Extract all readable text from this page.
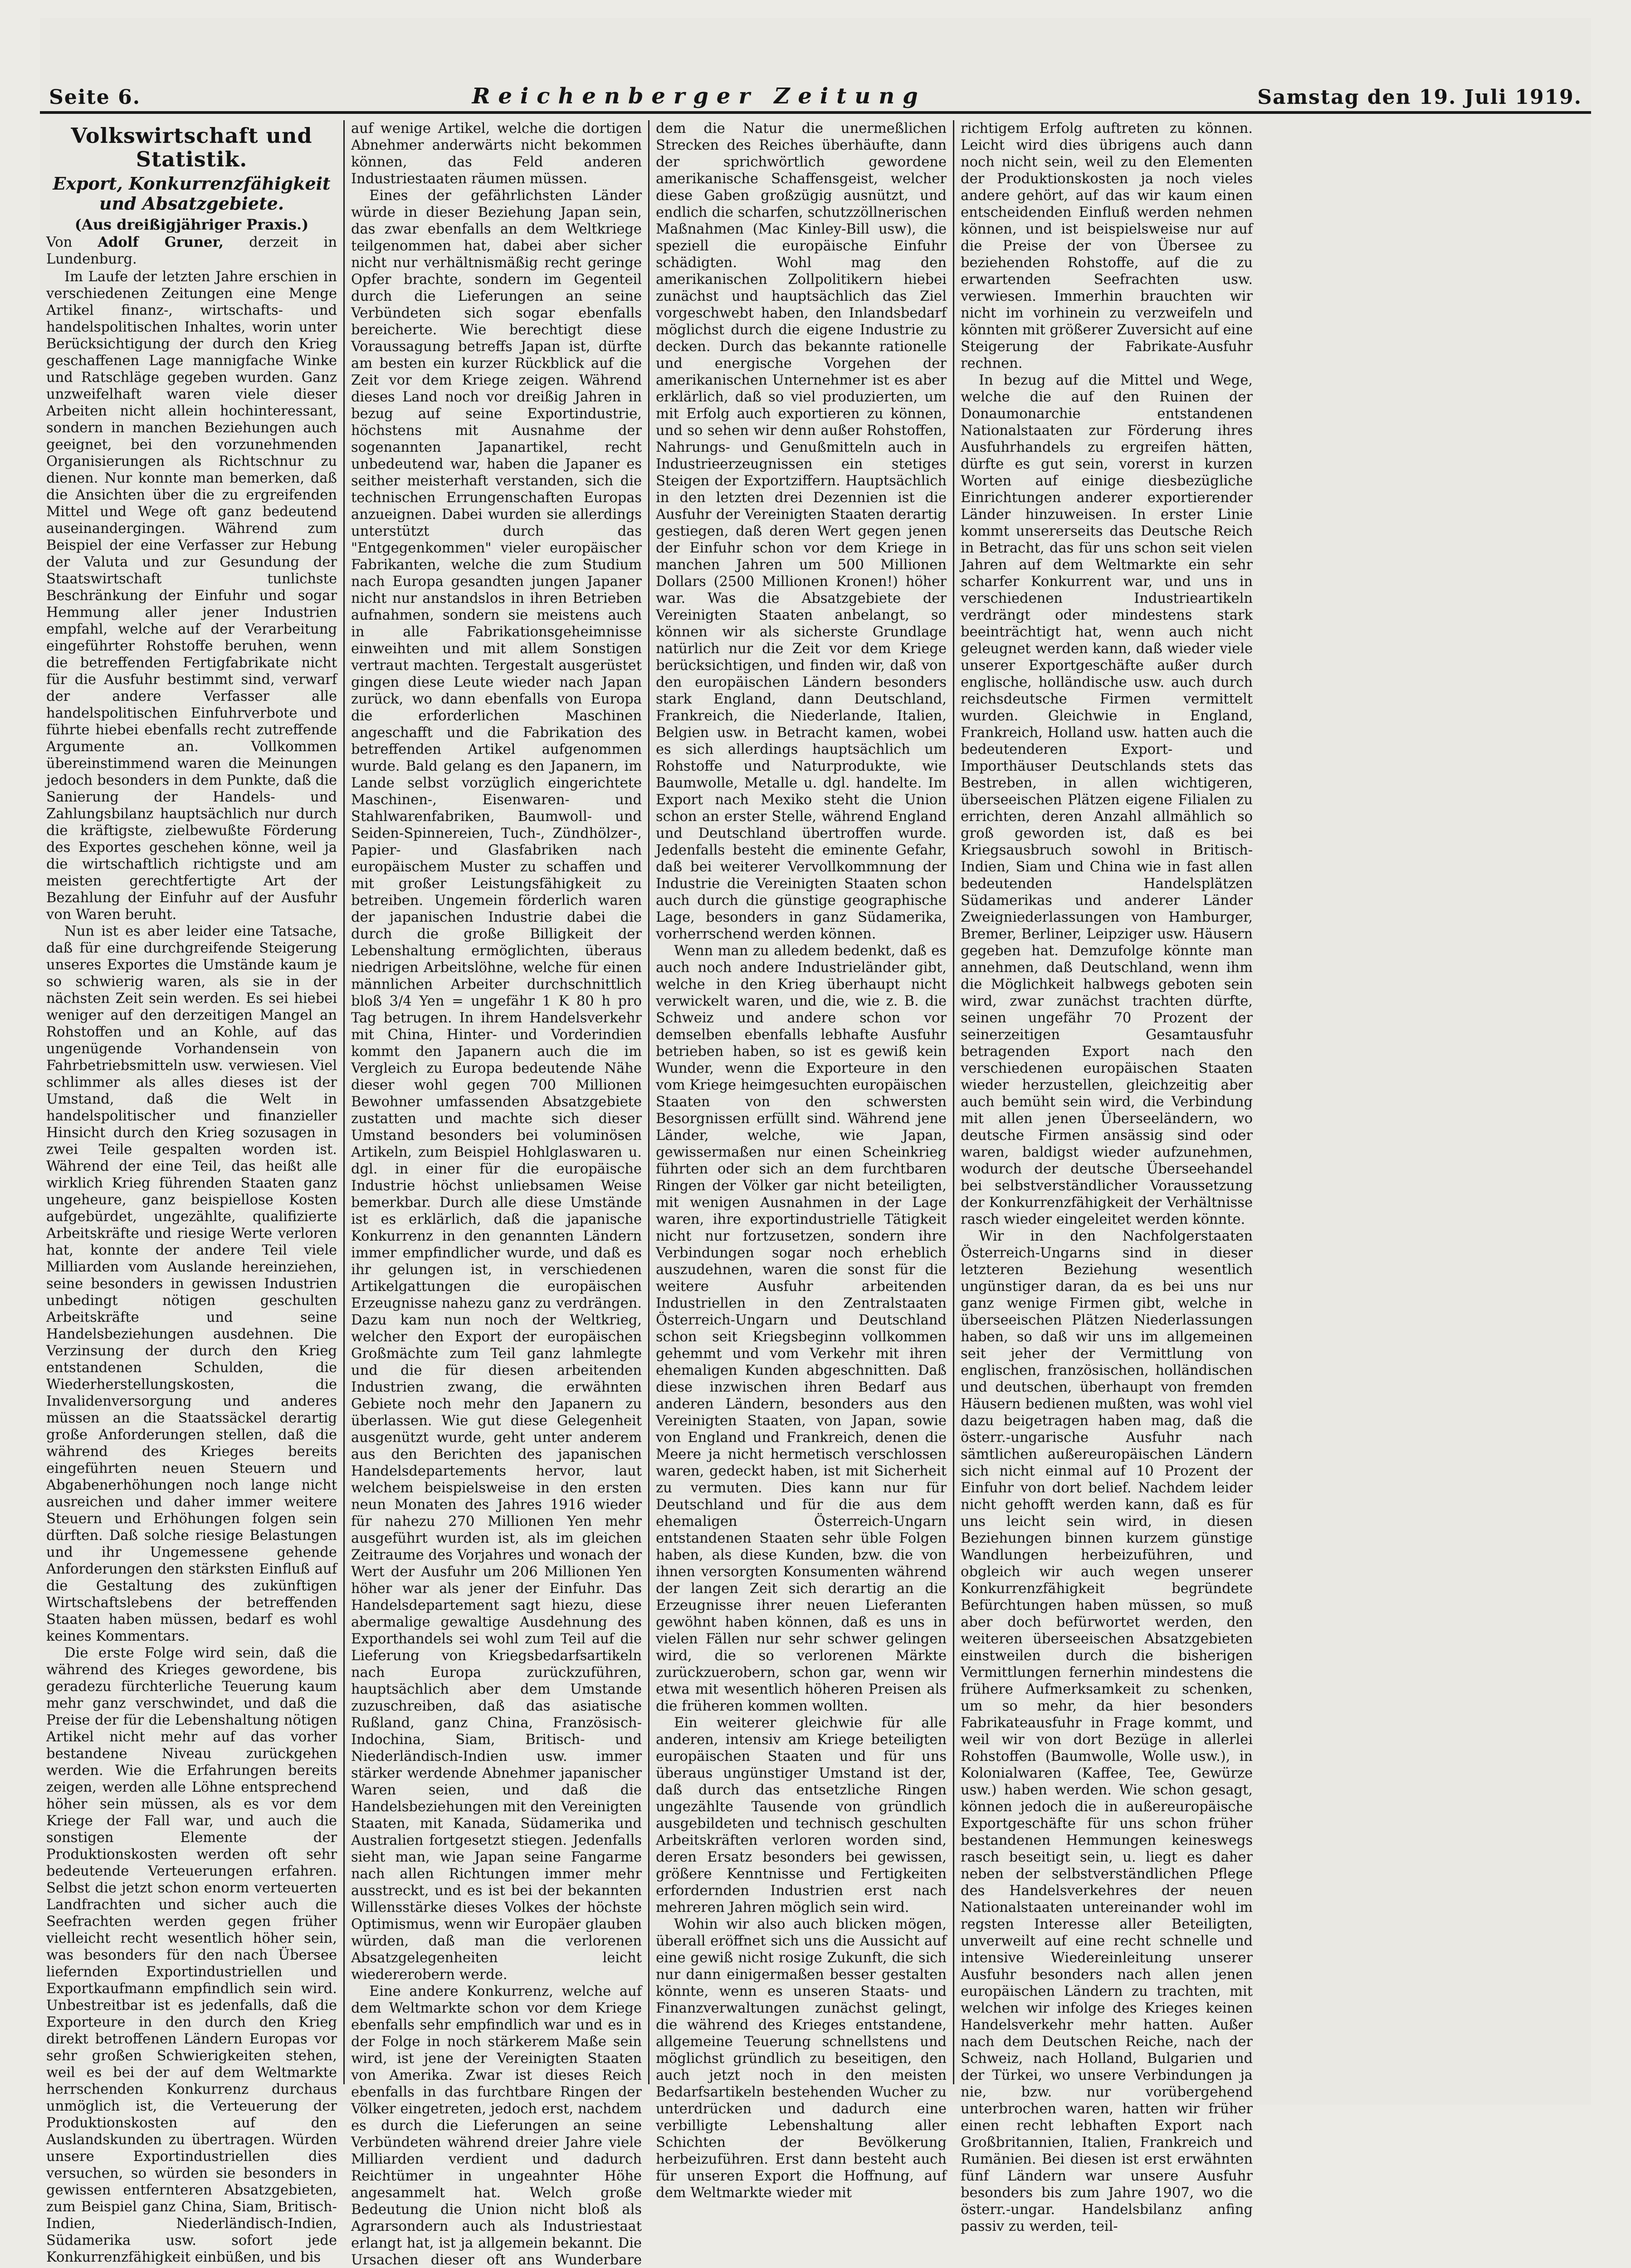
Seite 6.	Reichenberger Zeitung	Samstag den 19. Juli 1919.
Volkswirtschaft und Statistik.
Export, Konkurrenzfähigkeit und Absatzgebiete.
(Aus dreißigjähriger Praxis.)

Von Adolf Gruner, derzeit in Lundenburg.

Im Laufe der letzten Jahre erschien in verschiedenen Zeitungen eine Menge Artikel finanz-, wirtschafts- und handelspolitischen Inhaltes, worin unter Berücksichtigung der durch den Krieg geschaffenen Lage mannigfache Winke und Ratschläge gegeben wurden. Ganz unzweifelhaft waren viele dieser Arbeiten nicht allein hochinteressant, sondern in manchen Beziehungen auch geeignet, bei den vorzunehmenden Organisierungen als Richtschnur zu dienen. Nur konnte man bemerken, daß die Ansichten über die zu ergreifenden Mittel und Wege oft ganz bedeutend auseinandergingen. Während zum Beispiel der eine Verfasser zur Hebung der Valuta und zur Gesundung der Staatswirtschaft tunlichste Beschränkung der Einfuhr und sogar Hemmung aller jener Industrien empfahl, welche auf der Verarbeitung eingeführter Rohstoffe beruhen, wenn die betreffenden Fertigfabrikate nicht für die Ausfuhr bestimmt sind, verwarf der andere Verfasser alle handelspolitischen Einfuhrverbote und führte hiebei ebenfalls recht zutreffende Argumente an. Vollkommen übereinstimmend waren die Meinungen jedoch besonders in dem Punkte, daß die Sanierung der Handels- und Zahlungsbilanz hauptsächlich nur durch die kräftigste, zielbewußte Förderung des Exportes geschehen könne, weil ja die wirtschaftlich richtigste und am meisten gerechtfertigte Art der Bezahlung der Einfuhr auf der Ausfuhr von Waren beruht.

Nun ist es aber leider eine Tatsache, daß für eine durchgreifende Steigerung unseres Exportes die Umstände kaum je so schwierig waren, als sie in der nächsten Zeit sein werden. Es sei hiebei weniger auf den derzeitigen Mangel an Rohstoffen und an Kohle, auf das ungenügende Vorhandensein von Fahrbetriebsmitteln usw. verwiesen. Viel schlimmer als alles dieses ist der Umstand, daß die Welt in handelspolitischer und finanzieller Hinsicht durch den Krieg sozusagen in zwei Teile gespalten worden ist. Während der eine Teil, das heißt alle wirklich Krieg führenden Staaten ganz ungeheure, ganz beispiellose Kosten aufgebürdet, ungezählte, qualifizierte Arbeitskräfte und riesige Werte verloren hat, konnte der andere Teil viele Milliarden vom Auslande hereinziehen, seine besonders in gewissen Industrien unbedingt nötigen geschulten Arbeitskräfte und seine Handelsbeziehungen ausdehnen. Die Verzinsung der durch den Krieg entstandenen Schulden, die Wiederherstellungskosten, die Invalidenversorgung und anderes müssen an die Staatssäckel derartig große Anforderungen stellen, daß die während des Krieges bereits eingeführten neuen Steuern und Abgabenerhöhungen noch lange nicht ausreichen und daher immer weitere Steuern und Erhöhungen folgen sein dürften. Daß solche riesige Belastungen und ihr Ungemessene gehende Anforderungen den stärksten Einfluß auf die Gestaltung des zukünftigen Wirtschaftslebens der betreffenden Staaten haben müssen, bedarf es wohl keines Kommentars.

Die erste Folge wird sein, daß die während des Krieges gewordene, bis geradezu fürchterliche Teuerung kaum mehr ganz verschwindet, und daß die Preise der für die Lebenshaltung nötigen Artikel nicht mehr auf das vorher bestandene Niveau zurückgehen werden. Wie die Erfahrungen bereits zeigen, werden alle Löhne entsprechend höher sein müssen, als es vor dem Kriege der Fall war, und auch die sonstigen Elemente der Produktionskosten werden oft sehr bedeutende Verteuerungen erfahren. Selbst die jetzt schon enorm verteuerten Landfrachten und sicher auch die Seefrachten werden gegen früher vielleicht recht wesentlich höher sein, was besonders für den nach Übersee liefernden Exportindustriellen und Exportkaufmann empfindlich sein wird. Unbestreitbar ist es jedenfalls, daß die Exporteure in den durch den Krieg direkt betroffenen Ländern Europas vor sehr großen Schwierigkeiten stehen, weil es bei der auf dem Weltmarkte herrschenden Konkurrenz durchaus unmöglich ist, die Verteuerung der Produktionskosten auf den Auslandskunden zu übertragen. Würden unsere Exportindustriellen dies versuchen, so würden sie besonders in gewissen entfernteren Absatzgebieten, zum Beispiel ganz China, Siam, Britisch-Indien, Niederländisch-Indien, Südamerika usw. sofort jede Konkurrenzfähigkeit einbüßen, und bis

auf wenige Artikel, welche die dortigen Abnehmer anderwärts nicht bekommen können, das Feld anderen Industriestaaten räumen müssen.

Eines der gefährlichsten Länder würde in dieser Beziehung Japan sein, das zwar ebenfalls an dem Weltkriege teilgenommen hat, dabei aber sicher nicht nur verhältnismäßig recht geringe Opfer brachte, sondern im Gegenteil durch die Lieferungen an seine Verbündeten sich sogar ebenfalls bereicherte. Wie berechtigt diese Voraussagung betreffs Japan ist, dürfte am besten ein kurzer Rückblick auf die Zeit vor dem Kriege zeigen. Während dieses Land noch vor dreißig Jahren in bezug auf seine Exportindustrie, höchstens mit Ausnahme der sogenannten Japanartikel, recht unbedeutend war, haben die Japaner es seither meisterhaft verstanden, sich die technischen Errungenschaften Europas anzueignen. Dabei wurden sie allerdings unterstützt durch das "Entgegenkommen" vieler europäischer Fabrikanten, welche die zum Studium nach Europa gesandten jungen Japaner nicht nur anstandslos in ihren Betrieben aufnahmen, sondern sie meistens auch in alle Fabrikationsgeheimnisse einweihten und mit allem Sonstigen vertraut machten. Tergestalt ausgerüstet gingen diese Leute wieder nach Japan zurück, wo dann ebenfalls von Europa die erforderlichen Maschinen angeschafft und die Fabrikation des betreffenden Artikel aufgenommen wurde. Bald gelang es den Japanern, im Lande selbst vorzüglich eingerichtete Maschinen-, Eisenwaren- und Stahlwarenfabriken, Baumwoll- und Seiden-Spinnereien, Tuch-, Zündhölzer-, Papier- und Glasfabriken nach europäischem Muster zu schaffen und mit großer Leistungsfähigkeit zu betreiben. Ungemein förderlich waren der japanischen Industrie dabei die durch die große Billigkeit der Lebenshaltung ermöglichten, überaus niedrigen Arbeitslöhne, welche für einen männlichen Arbeiter durchschnittlich bloß 3/4 Yen = ungefähr 1 K 80 h pro Tag betrugen. In ihrem Handelsverkehr mit China, Hinter- und Vorderindien kommt den Japanern auch die im Vergleich zu Europa bedeutende Nähe dieser wohl gegen 700 Millionen Bewohner umfassenden Absatzgebiete zustatten und machte sich dieser Umstand besonders bei voluminösen Artikeln, zum Beispiel Hohlglaswaren u. dgl. in einer für die europäische Industrie höchst unliebsamen Weise bemerkbar. Durch alle diese Umstände ist es erklärlich, daß die japanische Konkurrenz in den genannten Ländern immer empfindlicher wurde, und daß es ihr gelungen ist, in verschiedenen Artikelgattungen die europäischen Erzeugnisse nahezu ganz zu verdrängen. Dazu kam nun noch der Weltkrieg, welcher den Export der europäischen Großmächte zum Teil ganz lahmlegte und die für diesen arbeitenden Industrien zwang, die erwähnten Gebiete noch mehr den Japanern zu überlassen. Wie gut diese Gelegenheit ausgenützt wurde, geht unter anderem aus den Berichten des japanischen Handelsdepartements hervor, laut welchem beispielsweise in den ersten neun Monaten des Jahres 1916 wieder für nahezu 270 Millionen Yen mehr ausgeführt wurden ist, als im gleichen Zeitraume des Vorjahres und wonach der Wert der Ausfuhr um 206 Millionen Yen höher war als jener der Einfuhr. Das Handelsdepartement sagt hiezu, diese abermalige gewaltige Ausdehnung des Exporthandels sei wohl zum Teil auf die Lieferung von Kriegsbedarfsartikeln nach Europa zurückzuführen, hauptsächlich aber dem Umstande zuzuschreiben, daß das asiatische Rußland, ganz China, Französisch-Indochina, Siam, Britisch- und Niederländisch-Indien usw. immer stärker werdende Abnehmer japanischer Waren seien, und daß die Handelsbeziehungen mit den Vereinigten Staaten, mit Kanada, Südamerika und Australien fortgesetzt stiegen. Jedenfalls sieht man, wie Japan seine Fangarme nach allen Richtungen immer mehr ausstreckt, und es ist bei der bekannten Willensstärke dieses Volkes der höchste Optimismus, wenn wir Europäer glauben würden, daß man die verlorenen Absatzgelegenheiten leicht wiedererobern werde.

Eine andere Konkurrenz, welche auf dem Weltmarkte schon vor dem Kriege ebenfalls sehr empfindlich war und es in der Folge in noch stärkerem Maße sein wird, ist jene der Vereinigten Staaten von Amerika. Zwar ist dieses Reich ebenfalls in das furchtbare Ringen der Völker eingetreten, jedoch erst, nachdem es durch die Lieferungen an seine Verbündeten während dreier Jahre viele Milliarden verdient und dadurch Reichtümer in ungeahnter Höhe angesammelt hat. Welch große Bedeutung die Union nicht bloß als Agrarsondern auch als Industriestaat erlangt hat, ist ja allgemein bekannt. Die Ursachen dieser oft ans Wunderbare

dem die Natur die unermeßlichen Strecken des Reiches überhäufte, dann der sprichwörtlich gewordene amerikanische Schaffensgeist, welcher diese Gaben großzügig ausnützt, und endlich die scharfen, schutzzöllnerischen Maßnahmen (Mac Kinley-Bill usw), die speziell die europäische Einfuhr schädigten. Wohl mag den amerikanischen Zollpolitikern hiebei zunächst und hauptsächlich das Ziel vorgeschwebt haben, den Inlandsbedarf möglichst durch die eigene Industrie zu decken. Durch das bekannte rationelle und energische Vorgehen der amerikanischen Unternehmer ist es aber erklärlich, daß so viel produzierten, um mit Erfolg auch exportieren zu können, und so sehen wir denn außer Rohstoffen, Nahrungs- und Genußmitteln auch in Industrieerzeugnissen ein stetiges Steigen der Exportziffern. Hauptsächlich in den letzten drei Dezennien ist die Ausfuhr der Vereinigten Staaten derartig gestiegen, daß deren Wert gegen jenen der Einfuhr schon vor dem Kriege in manchen Jahren um 500 Millionen Dollars (2500 Millionen Kronen!) höher war. Was die Absatzgebiete der Vereinigten Staaten anbelangt, so können wir als sicherste Grundlage natürlich nur die Zeit vor dem Kriege berücksichtigen, und finden wir, daß von den europäischen Ländern besonders stark England, dann Deutschland, Frankreich, die Niederlande, Italien, Belgien usw. in Betracht kamen, wobei es sich allerdings hauptsächlich um Rohstoffe und Naturprodukte, wie Baumwolle, Metalle u. dgl. handelte. Im Export nach Mexiko steht die Union schon an erster Stelle, während England und Deutschland übertroffen wurde. Jedenfalls besteht die eminente Gefahr, daß bei weiterer Vervollkommnung der Industrie die Vereinigten Staaten schon auch durch die günstige geographische Lage, besonders in ganz Südamerika, vorherrschend werden können.

Wenn man zu alledem bedenkt, daß es auch noch andere Industrieländer gibt, welche in den Krieg überhaupt nicht verwickelt waren, und die, wie z. B. die Schweiz und andere schon vor demselben ebenfalls lebhafte Ausfuhr betrieben haben, so ist es gewiß kein Wunder, wenn die Exporteure in den vom Kriege heimgesuchten europäischen Staaten von den schwersten Besorgnissen erfüllt sind. Während jene Länder, welche, wie Japan, gewissermaßen nur einen Scheinkrieg führten oder sich an dem furchtbaren Ringen der Völker gar nicht beteiligten, mit wenigen Ausnahmen in der Lage waren, ihre exportindustrielle Tätigkeit nicht nur fortzusetzen, sondern ihre Verbindungen sogar noch erheblich auszudehnen, waren die sonst für die weitere Ausfuhr arbeitenden Industriellen in den Zentralstaaten Österreich-Ungarn und Deutschland schon seit Kriegsbeginn vollkommen gehemmt und vom Verkehr mit ihren ehemaligen Kunden abgeschnitten. Daß diese inzwischen ihren Bedarf aus anderen Ländern, besonders aus den Vereinigten Staaten, von Japan, sowie von England und Frankreich, denen die Meere ja nicht hermetisch verschlossen waren, gedeckt haben, ist mit Sicherheit zu vermuten. Dies kann nur für Deutschland und für die aus dem ehemaligen Österreich-Ungarn entstandenen Staaten sehr üble Folgen haben, als diese Kunden, bzw. die von ihnen versorgten Konsumenten während der langen Zeit sich derartig an die Erzeugnisse ihrer neuen Lieferanten gewöhnt haben können, daß es uns in vielen Fällen nur sehr schwer gelingen wird, die so verlorenen Märkte zurückzuerobern, schon gar, wenn wir etwa mit wesentlich höheren Preisen als die früheren kommen wollten.

Ein weiterer gleichwie für alle anderen, intensiv am Kriege beteiligten europäischen Staaten und für uns überaus ungünstiger Umstand ist der, daß durch das entsetzliche Ringen ungezählte Tausende von gründlich ausgebildeten und technisch geschulten Arbeitskräften verloren worden sind, deren Ersatz besonders bei gewissen, größere Kenntnisse und Fertigkeiten erfordernden Industrien erst nach mehreren Jahren möglich sein wird.

Wohin wir also auch blicken mögen, überall eröffnet sich uns die Aussicht auf eine gewiß nicht rosige Zukunft, die sich nur dann einigermaßen besser gestalten könnte, wenn es unseren Staats- und Finanzverwaltungen zunächst gelingt, die während des Krieges entstandene, allgemeine Teuerung schnellstens und möglichst gründlich zu beseitigen, den auch jetzt noch in den meisten Bedarfsartikeln bestehenden Wucher zu unterdrücken und dadurch eine verbilligte Lebenshaltung aller Schichten der Bevölkerung herbeizuführen. Erst dann besteht auch für unseren Export die Hoffnung, auf dem Weltmarkte wieder mit

richtigem Erfolg auftreten zu können. Leicht wird dies übrigens auch dann noch nicht sein, weil zu den Elementen der Produktionskosten ja noch vieles andere gehört, auf das wir kaum einen entscheidenden Einfluß werden nehmen können, und ist beispielsweise nur auf die Preise der von Übersee zu beziehenden Rohstoffe, auf die zu erwartenden Seefrachten usw. verwiesen. Immerhin brauchten wir nicht im vorhinein zu verzweifeln und könnten mit größerer Zuversicht auf eine Steigerung der Fabrikate-Ausfuhr rechnen.

In bezug auf die Mittel und Wege, welche die auf den Ruinen der Donaumonarchie entstandenen Nationalstaaten zur Förderung ihres Ausfuhrhandels zu ergreifen hätten, dürfte es gut sein, vorerst in kurzen Worten auf einige diesbezügliche Einrichtungen anderer exportierender Länder hinzuweisen. In erster Linie kommt unsererseits das Deutsche Reich in Betracht, das für uns schon seit vielen Jahren auf dem Weltmarkte ein sehr scharfer Konkurrent war, und uns in verschiedenen Industrieartikeln verdrängt oder mindestens stark beeinträchtigt hat, wenn auch nicht geleugnet werden kann, daß wieder viele unserer Exportgeschäfte außer durch englische, holländische usw. auch durch reichsdeutsche Firmen vermittelt wurden. Gleichwie in England, Frankreich, Holland usw. hatten auch die bedeutenderen Export- und Importhäuser Deutschlands stets das Bestreben, in allen wichtigeren, überseeischen Plätzen eigene Filialen zu errichten, deren Anzahl allmählich so groß geworden ist, daß es bei Kriegsausbruch sowohl in Britisch-Indien, Siam und China wie in fast allen bedeutenden Handelsplätzen Südamerikas und anderer Länder Zweigniederlassungen von Hamburger, Bremer, Berliner, Leipziger usw. Häusern gegeben hat. Demzufolge könnte man annehmen, daß Deutschland, wenn ihm die Möglichkeit halbwegs geboten sein wird, zwar zunächst trachten dürfte, seinen ungefähr 70 Prozent der seinerzeitigen Gesamtausfuhr betragenden Export nach den verschiedenen europäischen Staaten wieder herzustellen, gleichzeitig aber auch bemüht sein wird, die Verbindung mit allen jenen Überseeländern, wo deutsche Firmen ansässig sind oder waren, baldigst wieder aufzunehmen, wodurch der deutsche Überseehandel bei selbstverständlicher Voraussetzung der Konkurrenzfähigkeit der Verhältnisse rasch wieder eingeleitet werden könnte.

Wir in den Nachfolgerstaaten Österreich-Ungarns sind in dieser letzteren Beziehung wesentlich ungünstiger daran, da es bei uns nur ganz wenige Firmen gibt, welche in überseeischen Plätzen Niederlassungen haben, so daß wir uns im allgemeinen seit jeher der Vermittlung von englischen, französischen, holländischen und deutschen, überhaupt von fremden Häusern bedienen mußten, was wohl viel dazu beigetragen haben mag, daß die österr.-ungarische Ausfuhr nach sämtlichen außereuropäischen Ländern sich nicht einmal auf 10 Prozent der Einfuhr von dort belief. Nachdem leider nicht gehofft werden kann, daß es für uns leicht sein wird, in diesen Beziehungen binnen kurzem günstige Wandlungen herbeizuführen, und obgleich wir auch wegen unserer Konkurrenzfähigkeit begründete Befürchtungen haben müssen, so muß aber doch befürwortet werden, den weiteren überseeischen Absatzgebieten einstweilen durch die bisherigen Vermittlungen fernerhin mindestens die frühere Aufmerksamkeit zu schenken, um so mehr, da hier besonders Fabrikateausfuhr in Frage kommt, und weil wir von dort Bezüge in allerlei Rohstoffen (Baumwolle, Wolle usw.), in Kolonialwaren (Kaffee, Tee, Gewürze usw.) haben werden. Wie schon gesagt, können jedoch die in außereuropäische Exportgeschäfte für uns schon früher bestandenen Hemmungen keineswegs rasch beseitigt sein, u. liegt es daher neben der selbstverständlichen Pflege des Handelsverkehres der neuen Nationalstaaten untereinander wohl im regsten Interesse aller Beteiligten, unverweilt auf eine recht schnelle und intensive Wiedereinleitung unserer Ausfuhr besonders nach allen jenen europäischen Ländern zu trachten, mit welchen wir infolge des Krieges keinen Handelsverkehr mehr hatten. Außer nach dem Deutschen Reiche, nach der Schweiz, nach Holland, Bulgarien und der Türkei, wo unsere Verbindungen ja nie, bzw. nur vorübergehend unterbrochen waren, hatten wir früher einen recht lebhaften Export nach Großbritannien, Italien, Frankreich und Rumänien. Bei diesen ist erst erwähnten fünf Ländern war unsere Ausfuhr besonders bis zum Jahre 1907, wo die österr.-ungar. Handelsbilanz anfing passiv zu werden, teil-
